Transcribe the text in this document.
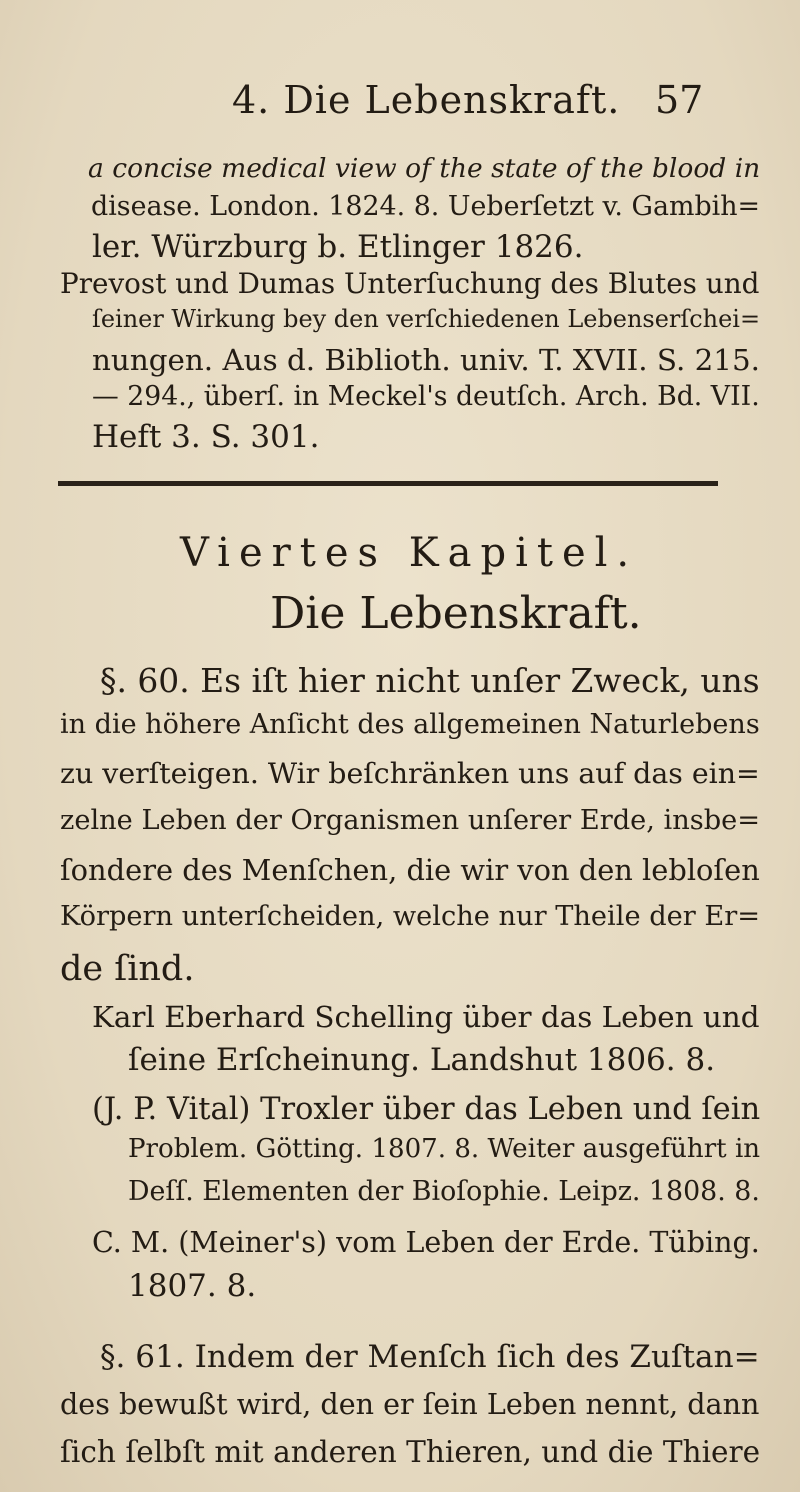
4. Die Lebenskraft. 57
a concise medical view of the state of the blood in
disease. London. 1824. 8. Ueberſetzt v. Gambih=
ler. Würzburg b. Etlinger 1826.
Prevost und Dumas Unterſuchung des Blutes und
ſeiner Wirkung bey den verſchiedenen Lebenserſchei=
nungen. Aus d. Biblioth. univ. T. XVII. S. 215.
— 294., überſ. in Meckel's deutſch. Arch. Bd. VII.
Heft 3. S. 301.
Viertes Kapitel.
Die Lebenskraft.
§. 60. Es iſt hier nicht unſer Zweck, uns
in die höhere Anſicht des allgemeinen Naturlebens
zu verſteigen. Wir beſchränken uns auf das ein=
zelne Leben der Organismen unſerer Erde, insbe=
ſondere des Menſchen, die wir von den lebloſen
Körpern unterſcheiden, welche nur Theile der Er=
de ſind.
Karl Eberhard Schelling über das Leben und
ſeine Erſcheinung. Landshut 1806. 8.
(J. P. Vital) Troxler über das Leben und ſein
Problem. Götting. 1807. 8. Weiter ausgeführt in
Deſſ. Elementen der Bioſophie. Leipz. 1808. 8.
C. M. (Meiner's) vom Leben der Erde. Tübing.
1807. 8.
§. 61. Indem der Menſch ſich des Zuſtan=
des bewußt wird, den er ſein Leben nennt, dann
ſich ſelbſt mit anderen Thieren, und die Thiere
